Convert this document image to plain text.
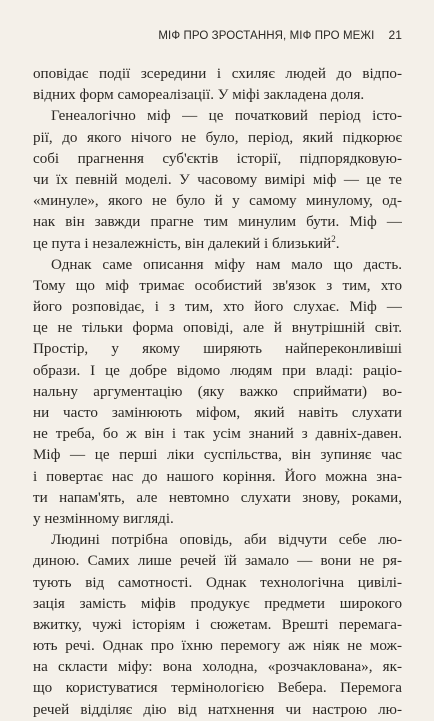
МІФ ПРО ЗРОСТАННЯ, МІФ ПРО МЕЖІ 21
оповідає події зсередини і схиляє людей до відпо-
відних форм самореалізації. У міфі закладена доля.
Генеалогічно міф — це початковий період істо-
рії, до якого нічого не було, період, який підкорює
собі прагнення суб'єктів історії, підпорядковую-
чи їх певній моделі. У часовому вимірі міф — це те
«минуле», якого не було й у самому минулому, од-
нак він завжди прагне тим минулим бути. Міф —
це пута і незалежність, він далекий і близький$^2$.
Однак саме описання міфу нам мало що дасть.
Тому що міф тримає особистий зв'язок з тим, хто
його розповідає, і з тим, хто його слухає. Міф —
це не тільки форма оповіді, але й внутрішній світ.
Простір, у якому ширяють найпереконливіші
образи. І це добре відомо людям при владі: раціо-
нальну аргументацію (яку важко сприймати) во-
ни часто замінюють міфом, який навіть слухати
не треба, бо ж він і так усім знаний з давніх-давен.
Міф — це перші ліки суспільства, він зупиняє час
і повертає нас до нашого коріння. Його можна зна-
ти напам'ять, але невтомно слухати знову, роками,
у незмінному вигляді.
Людині потрібна оповідь, аби відчути себе лю-
диною. Самих лише речей їй замало — вони не ря-
тують від самотності. Однак технологічна цивілі-
зація замість міфів продукує предмети широкого
вжитку, чужі історіям і сюжетам. Врешті перемага-
ють речі. Однак про їхню перемогу аж ніяк не мож-
на скласти міфу: вона холодна, «розчаклована», як-
що користуватися термінологією Вебера. Перемога
речей відділяє дію від натхнення чи настрою лю-
